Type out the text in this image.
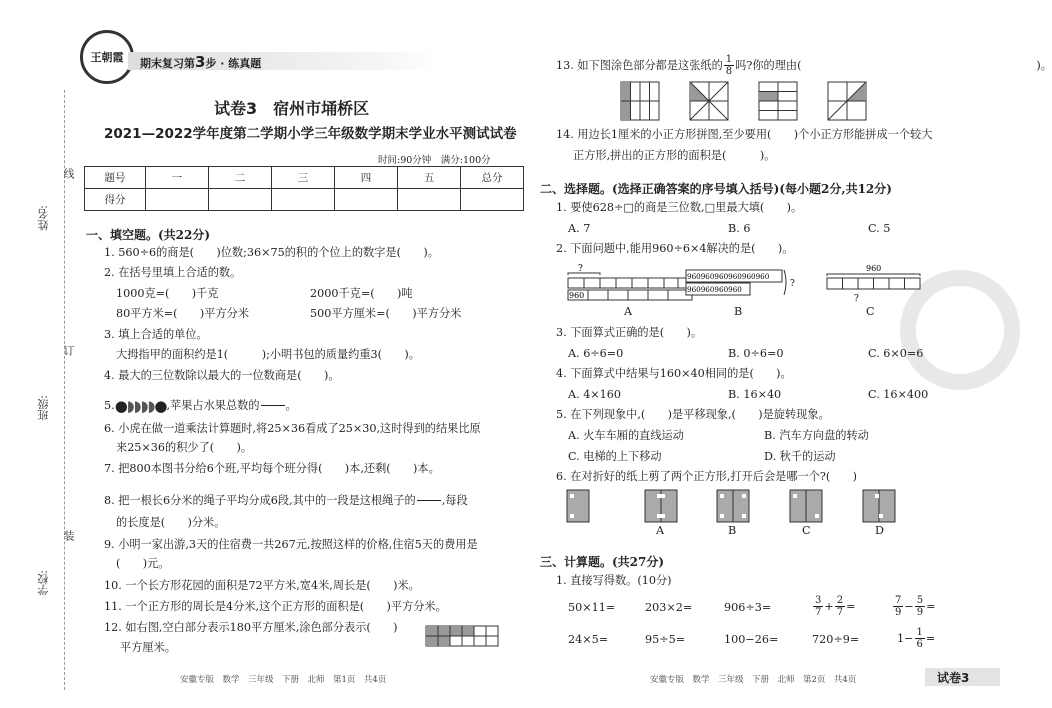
线
订
装
姓名:
班级:
学校:
王朝霞 期末复习第3步 · 练真题
试卷3　宿州市埇桥区
2021—2022学年度第二学期小学三年级数学期末学业水平测试试卷
时间:90分钟　满分:100分
题号	一	二	三	四	五	总分
得分						
一、填空题。(共22分)
1. 560÷6的商是(　　)位数;36×75的积的个位上的数字是(　　)。
2. 在括号里填上合适的数。
1000克=(　　)千克	2000千克=(　　)吨
80平方米=(　　)平方分米	500平方厘米=(　　)平方分米
3. 填上合适的单位。
大拇指甲的面积约是1(　　　);小明书包的质量约重3(　　)。
4. 最大的三位数除以最大的一位数商是(　　)。
5. ●◗◗◗◗● ,苹果占水果总数的

　　 。
6. 小虎在做一道乘法计算题时,将25×36看成了25×30,这时得到的结果比原
来25×36的积少了(　　)。
7. 把800本图书分给6个班,平均每个班分得(　　)本,还剩(　　)本。
8. 把一根长6分米的绳子平均分成6段,其中的一段是这根绳子的

　　 ,每段
的长度是(　　)分米。
9. 小明一家出游,3天的住宿费一共267元,按照这样的价格,住宿5天的费用是
(　　)元。
10. 一个长方形花园的面积是72平方米,宽4米,周长是(　　)米。
11. 一个正方形的周长是4分米,这个正方形的面积是(　　)平方分米。
12. 如右图,空白部分表示180平方厘米,涂色部分表示(　　)
平方厘米。
安徽专版　数学　三年级　下册　北师　第1页　共4页
13. 如下图涂色部分都是这张纸的 $\frac{1}{8}$ 吗?你的理由(　　　　　　　　　　　　　　　　　　　　　)。
14. 用边长1厘米的小正方形拼图,至少要用(　　)个小正方形能拼成一个较大
正方形,拼出的正方形的面积是(　　　)。
二、选择题。(选择正确答案的序号填入括号)(每小题2分,共12分)
1. 要使628÷□的商是三位数,□里最大填(　　)。
A. 7	B. 6	C. 5
2. 下面问题中,能用960÷6×4解决的是(　　)。
?
960
960960960960960960
960960960960
?
960
?
A	B	C
3. 下面算式正确的是(　　)。
A. 6÷6=0	B. 0÷6=0	C. 6×0=6
4. 下面算式中结果与160×40相同的是(　　)。
A. 4×160	B. 16×40	C. 16×400
5. 在下列现象中,(　　)是平移现象,(　　)是旋转现象。
A. 火车车厢的直线运动	B. 汽车方向盘的转动
C. 电梯的上下移动	D. 秋千的运动
6. 在对折好的纸上剪了两个正方形,打开后会是哪一个?(　　)
A	B	C	D
三、计算题。(共27分)
1. 直接写得数。(10分)
50×11=	203×2=	906÷3=	$\frac{3}{7} + \frac{2}{7}$ =	$\frac{7}{9} - \frac{5}{9}$ =
24×5=	95÷5=	100−26=	720÷9=	$1- \frac{1}{6}$ =
安徽专版　数学　三年级　下册　北师　第2页　共4页	试卷3
